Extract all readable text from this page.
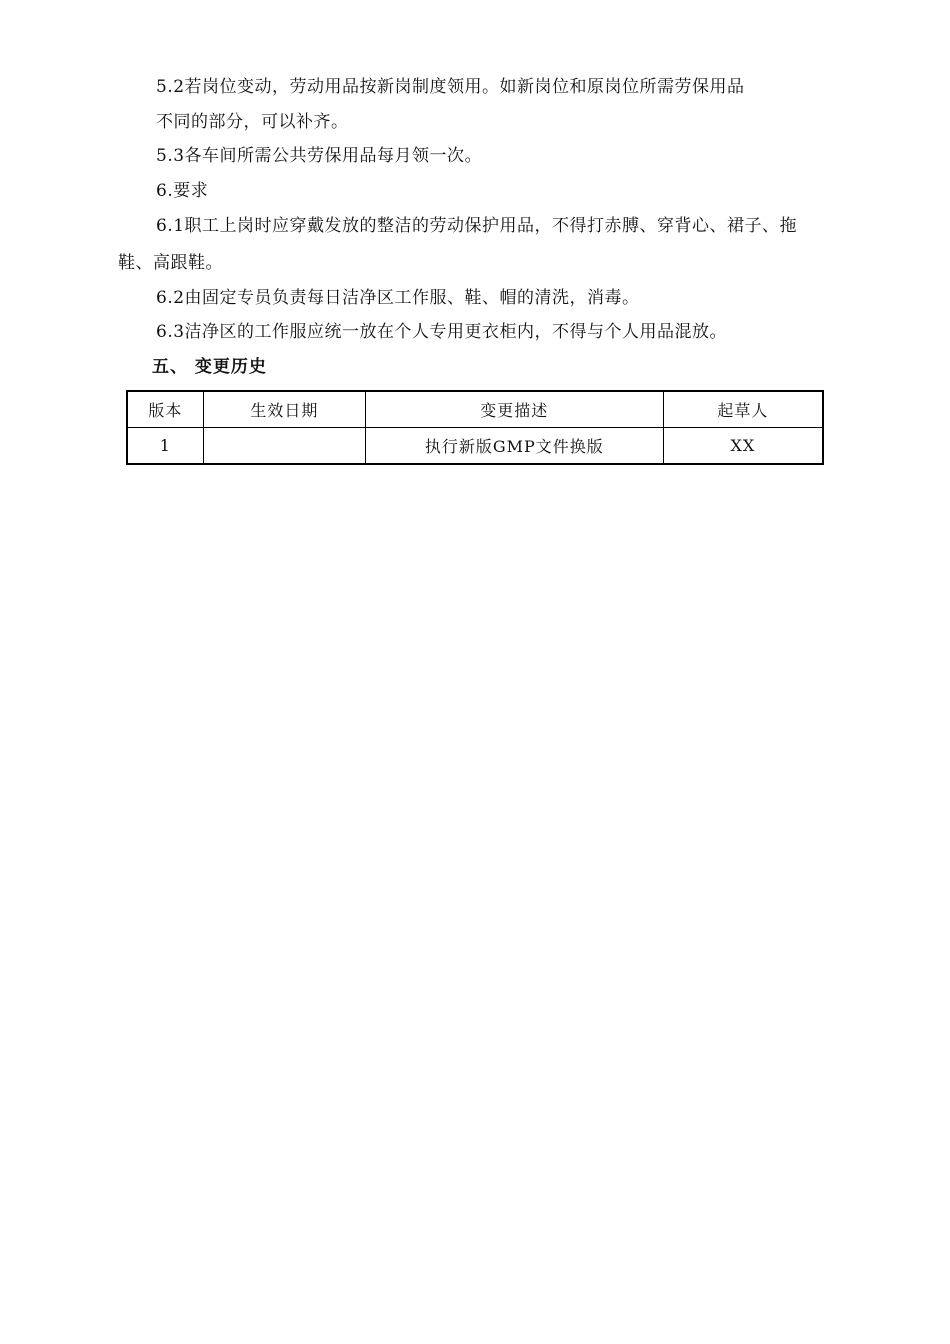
5.2若岗位变动，劳动用品按新岗制度领用。如新岗位和原岗位所需劳保用品
不同的部分，可以补齐。
5.3各车间所需公共劳保用品每月领一次。
6.要求
6.1职工上岗时应穿戴发放的整洁的劳动保护用品，不得打赤膊、穿背心、裙子、拖
鞋、高跟鞋。
6.2由固定专员负责每日洁净区工作服、鞋、帽的清洗，消毒。
6.3洁净区的工作服应统一放在个人专用更衣柜内，不得与个人用品混放。
五、 变更历史
版本	生效日期	变更描述	起草人
1		执行新版GMP文件换版	XX
